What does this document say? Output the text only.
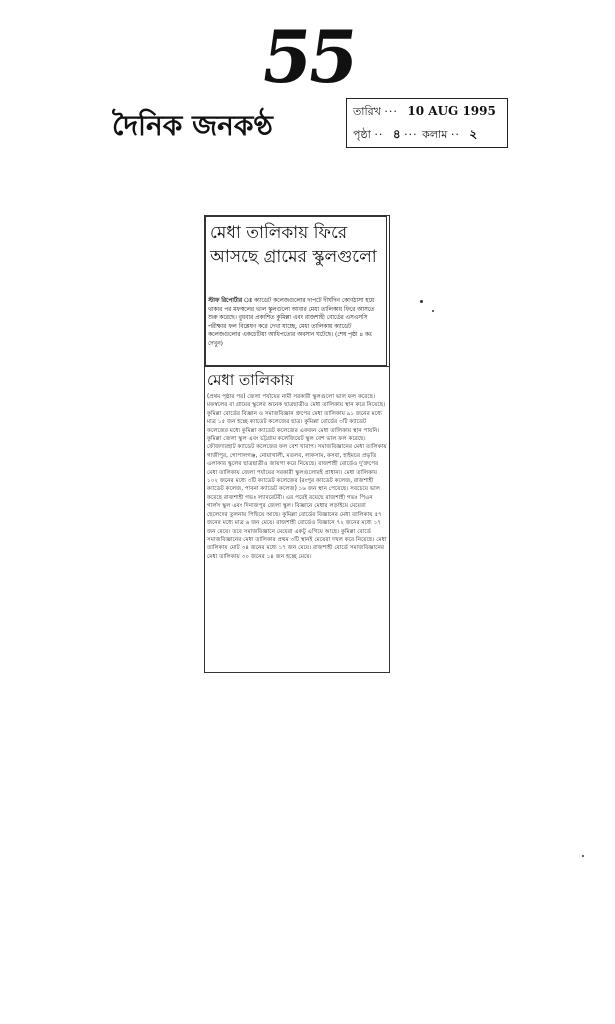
55
দৈনিক জনকণ্ঠ	তারিখ ··· 10 AUG 1995
পৃষ্ঠা ·· ৪ ··· কলাম ·· ২
মেধা তালিকায় ফিরে আসছে গ্রামের স্কুলগুলো
স্টাফ রিপোর্টার ঃ ক্যাডেট কলেজগুলোর দাপটে দীর্ঘদিন কোণঠাসা হয়ে থাকার পর মফস্বলের ভাল স্কুলগুলো আবার মেধা তালিকায় ফিরে আসতে শুরু করেছে। বুধবার প্রকাশিত কুমিল্লা এবং রাজশাহী বোর্ডের এসএসসি পরীক্ষার ফল বিশ্লেষণ করে দেখা যাচ্ছে, মেধা তালিকায় ক্যাডেট কলেজগুলোর একচেটিয়া আধিপত্যের অবসান ঘটেছে। (শেষ পৃষ্ঠা ৪ কঃ দেখুন)
মেধা তালিকায়
(প্রথম পৃষ্ঠার পর) জেলা পর্যায়ের নামী সরকারী স্কুলগুলো ভাল ফল করেছে। মফস্বলের বা গ্রামের স্কুলের অনেক ছাত্রছাত্রীও মেধা তালিকায় স্থান করে নিয়েছে। কুমিল্লা বোর্ডের বিজ্ঞান ও সমাজবিজ্ঞান গ্রুপের মেধা তালিকায় ৯১ জনের মধ্যে মাত্র ১৫ জন হচ্ছে ক্যাডেট কলেজের ছাত্র। কুমিল্লা বোর্ডের ৩টি ক্যাডেট কলেজের মধ্যে কুমিল্লা ক্যাডেট কলেজের একজন মেধা তালিকায় স্থান পায়নি। কুমিল্লা জেলা স্কুল এবং চট্টগ্রাম কলেজিয়েট স্কুল বেশ ভাল ফল করেছে। ফৌজদারহাট ক্যাডেট কলেজের ফল বেশ খারাপ। সমাজবিজ্ঞানের মেধা তালিকায় গাজীপুর, গোপালগঞ্জ, নোয়াখালী, মতলব, লাকসাম, কসবা, হাইমচর প্রভৃতি এলাকার স্কুলের ছাত্রছাত্রীও জায়গা করে নিয়েছে। রাজশাহী বোর্ডেও দু'গ্রুপের মেধা তালিকায় জেলা পর্যায়ের সরকারী স্কুলগুলোরই প্রাধান্য। মেধা তালিকায় ১০২ জনের মধ্যে ৩টি ক্যাডেট কলেজের (রংপুর ক্যাডেট কলেজ, রাজশাহী ক্যাডেট কলেজ, পাবনা ক্যাডেট কলেজ) ১৬ জন স্থান পেয়েছে। সবচেয়ে ভাল করেছে রাজশাহী গভঃ ল্যাবরেটরী। এর পরেই রয়েছে রাজশাহী গভঃ পিএন গার্লস স্কুল এবং দিনাজপুর জেলা স্কুল। বিজ্ঞানে মেধার লড়াইয়ে মেয়েরা ছেলেদের তুলনায় পিছিয়ে আছে। কুমিল্লা বোর্ডের বিজ্ঞানের মেধা তালিকায় ৫৭ জনের মধ্যে মাত্র ৬ জন মেয়ে। রাজশাহী বোর্ডেও বিজ্ঞানে ৭২ জনের মধ্যে ১৭ জন মেয়ে। তবে সমাজবিজ্ঞানে মেয়েরা একটু এগিয়ে আছে। কুমিল্লা বোর্ডে সমাজবিজ্ঞানের মেধা তালিকার প্রথম ৩টি স্থানই মেয়েরা দখল করে নিয়েছে। মেধা তালিকায় মোট ৩৪ জনের মধ্যে ১৭ জন মেয়ে। রাজশাহী বোর্ডে সমাজবিজ্ঞানের মেধা তালিকায় ৩০ জনের ১৪ জন হচ্ছে মেয়ে।
